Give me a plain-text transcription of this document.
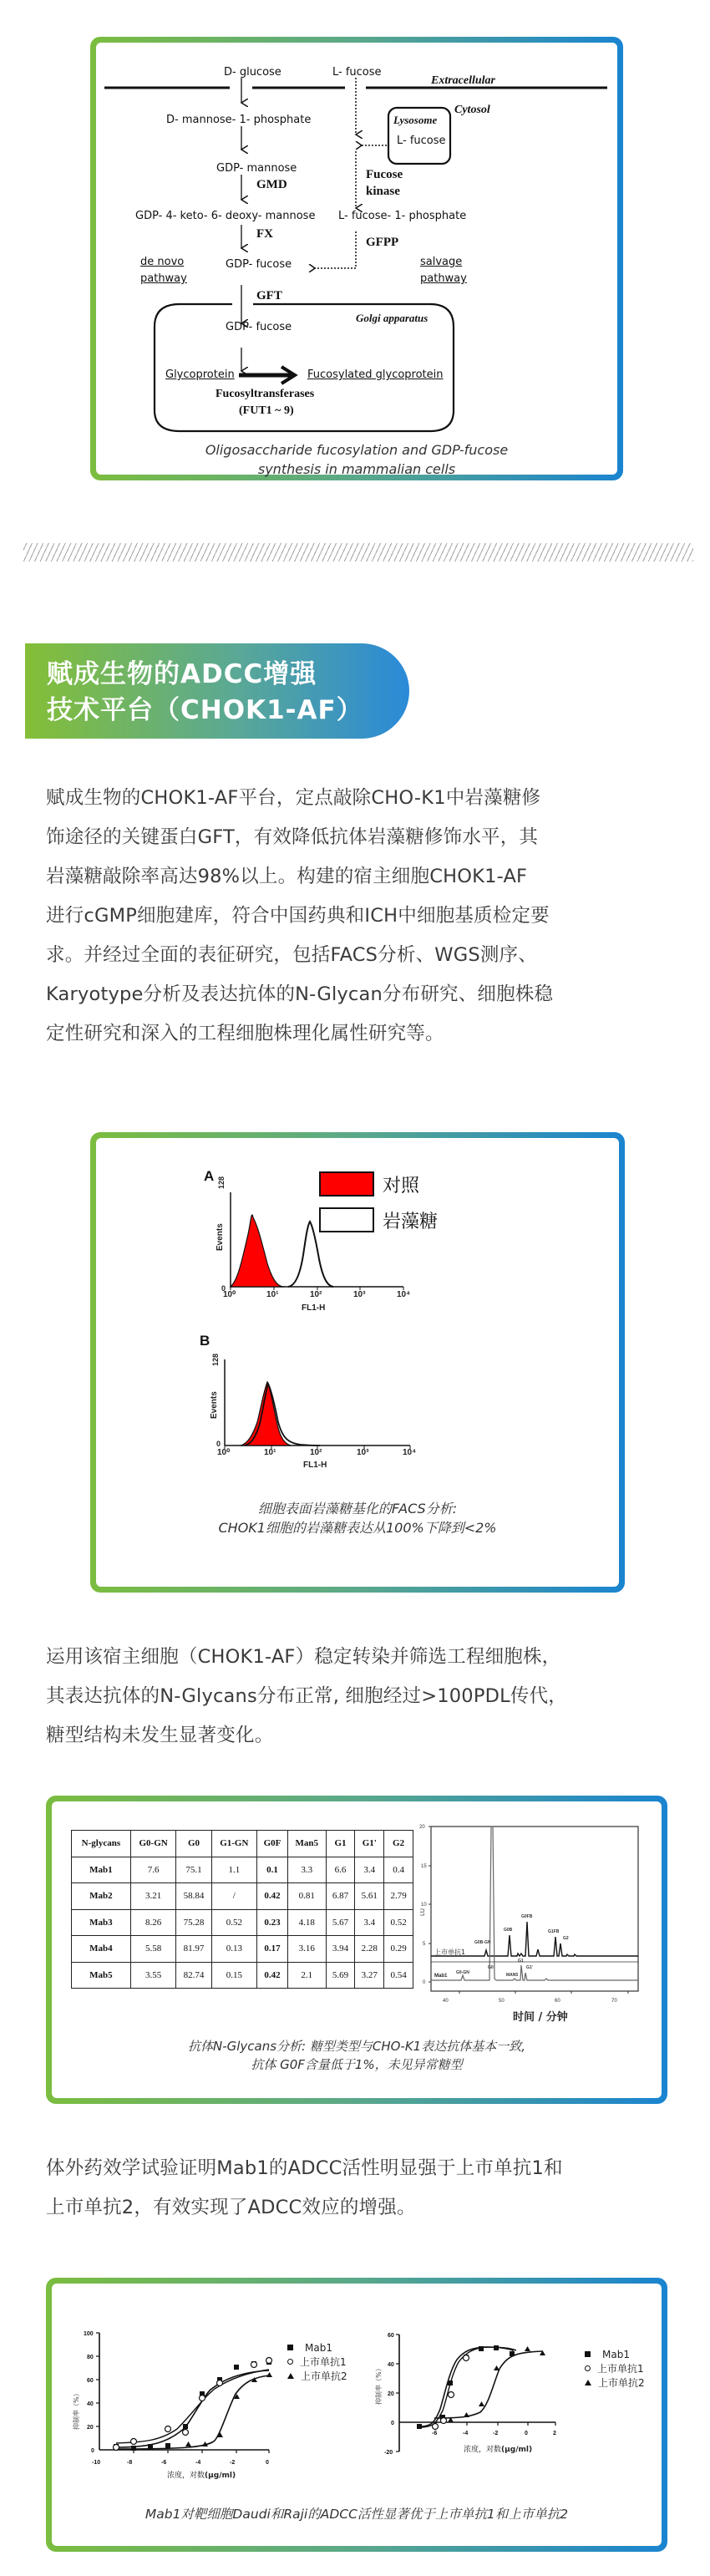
D- glucose	L- fucose
Extracellular
Cytosol
Lysosome
L- fucose
D- mannose- 1- phosphate
GDP- mannose
GMD
Fucose
kinase
GDP- 4- keto- 6- deoxy- mannose L- fucose- 1- phosphate
FX
GFPP
de novo
pathway
GDP- fucose	salvage
pathway
GFT
Golgi apparatus
GDP- fucose
Glycoprotein	Fucosylated glycoprotein
Fucosyltransferases
(FUT1 ~ 9)
Oligosaccharide fucosylation and GDP-fucose
synthesis in mammalian cells
赋成生物的ADCC增强
技术平台（CHOK1-AF）

赋成生物的CHOK1-AF平台，定点敲除CHO-K1中岩藻糖修

饰途径的关键蛋白GFT，有效降低抗体岩藻糖修饰水平，其

岩藻糖敲除率高达98%以上。构建的宿主细胞CHOK1-AF

进行cGMP细胞建库，符合中国药典和ICH中细胞基质检定要

求。并经过全面的表征研究，包括FACS分析、WGS测序、

Karyotype分析及表达抗体的N-Glycan分布研究、细胞株稳

定性研究和深入的工程细胞株理化属性研究等。

A 128
Events
0
10⁰	10¹	10²	10³	10⁴
FL1-H
对照
岩藻糖
B
128
Events
0
10⁰	10¹	10²	10³	10⁴
FL1-H
细胞表面岩藻糖基化的FACS分析:
CHOK1细胞的岩藻糖表达从100%下降到<2%

运用该宿主细胞（CHOK1-AF）稳定转染并筛选工程细胞株，

其表达抗体的N-Glycans分布正常, 细胞经过>100PDL传代，

糖型结构未发生显著变化。

N-glycans	G0-GN	G0	G1-GN	G0F	Man5	G1	G1'	G2
Mab1	7.6	75.1	1.1	0.1	3.3	6.6	3.4	0.4
Mab2	3.21	58.84	/	0.42	0.81	6.87	5.61	2.79
Mab3	8.26	75.28	0.52	0.23	4.18	5.67	3.4	0.52
Mab4	5.58	81.97	0.13	0.17	3.16	3.94	2.28	0.29
Mab5	3.55	82.74	0.15	0.42	2.1	5.69	3.27	0.54
20
15
10
5
0
40	50	60	70
LU
G0B-GN
G0B
G0FB
G1FB
G2
G0-GN
G0
MAN5
G1
G1'
上市单抗1
Mab1
时间 / 分钟
抗体N-Glycans分析: 糖型类型与CHO-K1表达抗体基本一致,
抗体 G0F含量低于1%，未见异常糖型

体外药效学试验证明Mab1的ADCC活性明显强于上市单抗1和

上市单抗2，有效实现了ADCC效应的增强。

100
80
60
40
20
0
-10	-8	-6	-4	-2	0
抑制率（%）
浓度，对数(μg/ml)
Mab1
上市单抗1
上市单抗2
60
40
20
0
-20
-6	-4	-2	0	2
抑制率（%）
浓度，对数(μg/ml)
Mab1
上市单抗1
上市单抗2
Mab1对靶细胞Daudi和Raji的ADCC活性显著优于上市单抗1和上市单抗2
